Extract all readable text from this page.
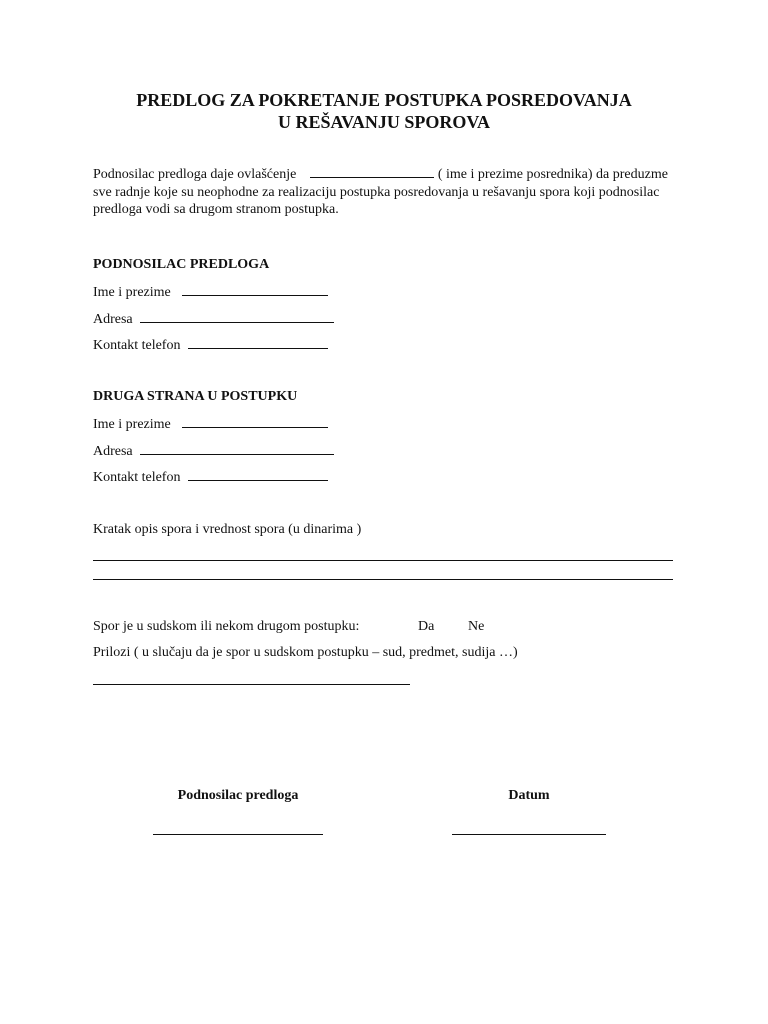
PREDLOG ZA POKRETANJE POSTUPKA POSREDOVANJA
U REŠAVANJU SPOROVA

Podnosilac predloga daje ovlašćenje	( ime i prezime posrednika) da preduzme sve radnje koje su neophodne za realizaciju postupka posredovanja u rešavanju spora koji podnosilac predloga vodi sa drugom stranom postupka.

PODNOSILAC PREDLOGA
Ime i prezime
Adresa
Kontakt telefon
DRUGA STRANA U POSTUPKU
Ime i prezime
Adresa
Kontakt telefon
Kratak opis spora i vrednost spora (u dinarima )
Spor je u sudskom ili nekom drugom postupku:	Da Ne
Prilozi ( u slučaju da je spor u sudskom postupku – sud, predmet, sudija …)
Podnosilac predloga	Datum
